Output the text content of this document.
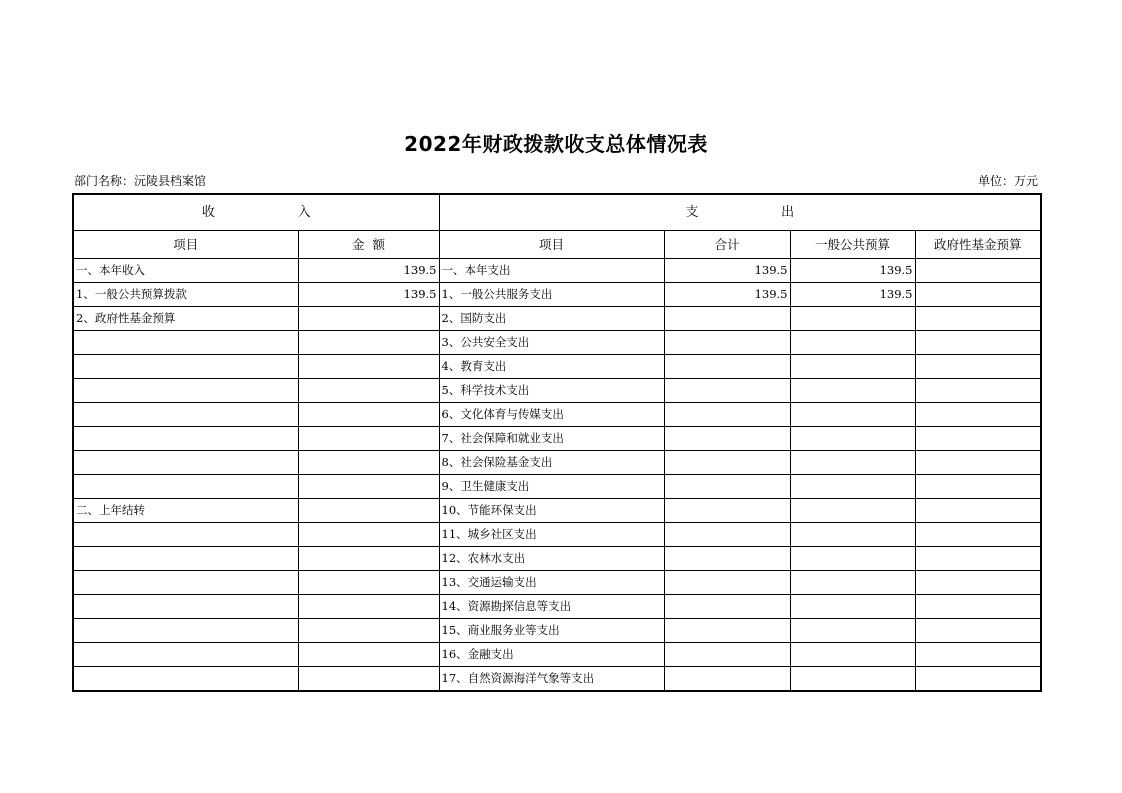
2022年财政拨款收支总体情况表
部门名称：沅陵县档案馆	单位：万元
收                    入		支                    出			
项目	金  额	项目	合计	一般公共预算	政府性基金预算
一、本年收入	139.5	一、本年支出	139.5	139.5	
1、一般公共预算拨款	139.5	1、一般公共服务支出	139.5	139.5	
2、政府性基金预算		2、国防支出			
		3、公共安全支出			
		4、教育支出			
		5、科学技术支出			
		6、文化体育与传媒支出			
		7、社会保障和就业支出			
		8、社会保险基金支出			
		9、卫生健康支出			
二、上年结转		10、节能环保支出			
		11、城乡社区支出			
		12、农林水支出			
		13、交通运输支出			
		14、资源勘探信息等支出			
		15、商业服务业等支出			
		16、金融支出			
		17、自然资源海洋气象等支出			
